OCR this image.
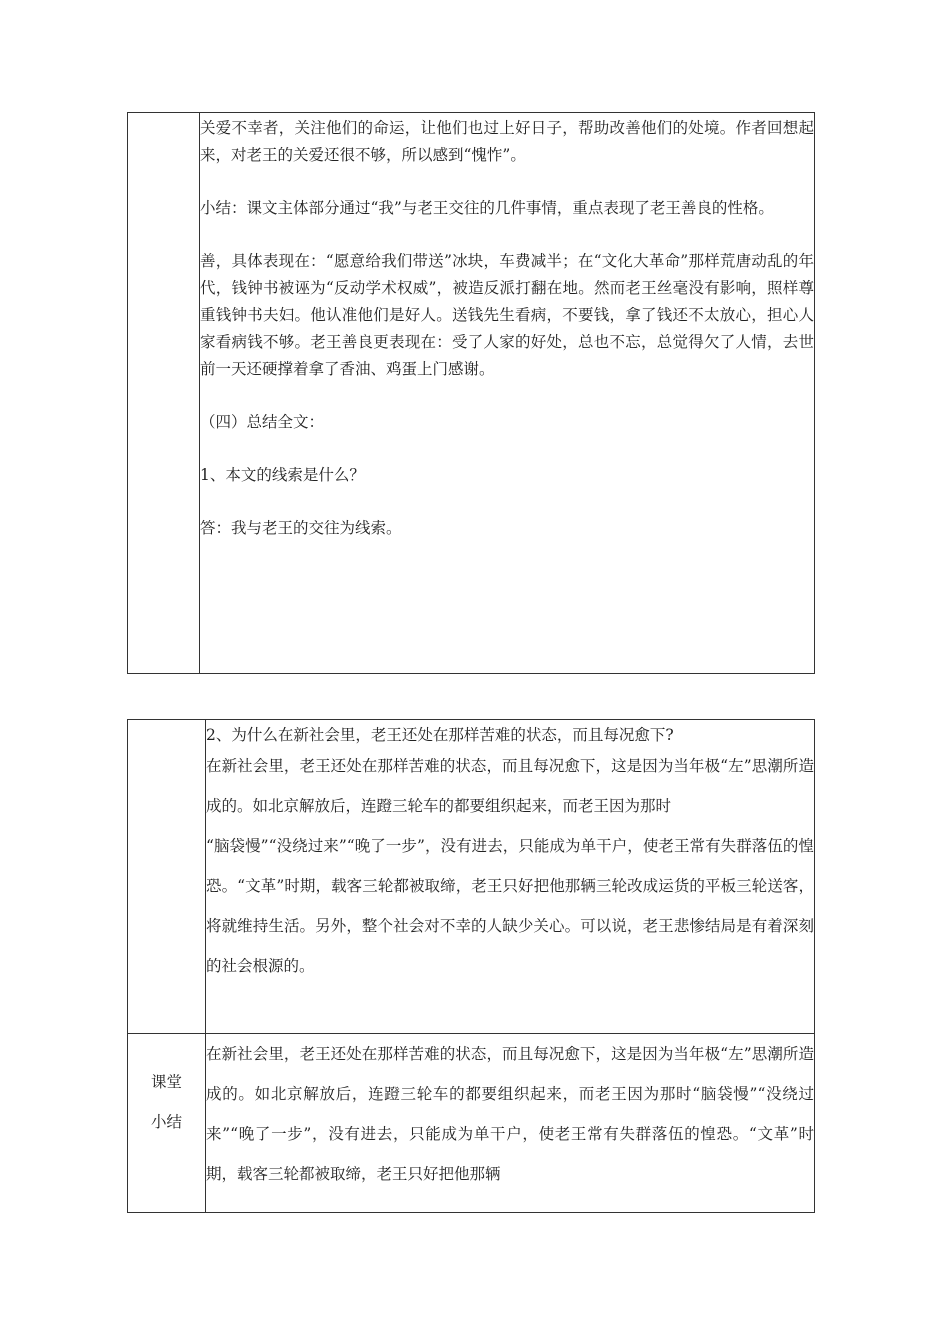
关爱不幸者，关注他们的命运，让他们也过上好日子，帮助改善他们的处境。作者回想起来，对老王的关爱还很不够，所以感到“愧怍”。

小结：课文主体部分通过“我”与老王交往的几件事情，重点表现了老王善良的性格。

善，具体表现在：“愿意给我们带送”冰块，车费减半；在“文化大革命”那样荒唐动乱的年代，钱钟书被诬为“反动学术权威”，被造反派打翻在地。然而老王丝毫没有影响，照样尊重钱钟书夫妇。他认准他们是好人。送钱先生看病，不要钱，拿了钱还不太放心，担心人家看病钱不够。老王善良更表现在：受了人家的好处，总也不忘，总觉得欠了人情，去世前一天还硬撑着拿了香油、鸡蛋上门感谢。

（四）总结全文：

1、本文的线索是什么？

答：我与老王的交往为线索。

	2、为什么在新社会里，老王还处在那样苦难的状态，而且每况愈下?

在新社会里，老王还处在那样苦难的状态，而且每况愈下，这是因为当年极“左”思潮所造成的。如北京解放后，连蹬三轮车的都要组织起来，而老王因为那时

“脑袋慢”“没绕过来”“晚了一步”，没有进去，只能成为单干户，使老王常有失群落伍的惶恐。“文革”时期，载客三轮都被取缔，老王只好把他那辆三轮改成运货的平板三轮送客，将就维持生活。另外，整个社会对不幸的人缺少关心。可以说，老王悲惨结局是有着深刻的社会根源的。

课堂
小结	在新社会里，老王还处在那样苦难的状态，而且每况愈下，这是因为当年极“左”思潮所造成的。如北京解放后，连蹬三轮车的都要组织起来，而老王因为那时“脑袋慢”“没绕过来”“晚了一步”，没有进去，只能成为单干户，使老王常有失群落伍的惶恐。“文革”时期，载客三轮都被取缔，老王只好把他那辆
